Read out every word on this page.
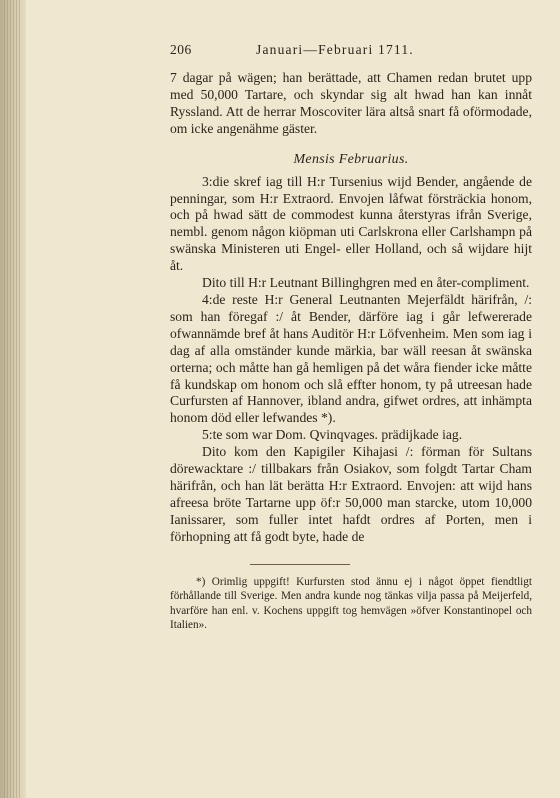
206	Januari—Februari 1711.

7 dagar på wägen; han berättade, att Chamen redan brutet upp med 50,000 Tartare, och skyndar sig alt hwad han kan innåt Ryssland. Att de herrar Moscoviter lära altså snart få oförmodade, om icke angenähme gäster.

Mensis Februarius.

3:die skref iag till H:r Tursenius wijd Bender, angående de penningar, som H:r Extraord. Envojen låfwat försträckia honom, och på hwad sätt de commodest kunna återstyras ifrån Sverige, nembl. genom någon kiöpman uti Carlskrona eller Carlshampn på swänska Ministeren uti Engel- eller Holland, och så wijdare hijt åt.

Dito till H:r Leutnant Billinghgren med en åter-compliment.

4:de reste H:r General Leutnanten Mejerfäldt härifrån, /: som han föregaf :/ åt Bender, därföre iag i går lefwererade ofwannämde bref åt hans Auditör H:r Löfvenheim. Men som iag i dag af alla omständer kunde märkia, bar wäll reesan åt swänska orterna; och måtte han gå hemligen på det wåra fiender icke måtte få kundskap om honom och slå effter honom, ty på utreesan hade Curfursten af Hannover, ibland andra, gifwet ordres, att inhämpta honom död eller lefwandes *).

5:te som war Dom. Qvinqvages. prädijkade iag.

Dito kom den Kapigiler Kihajasi /: förman för Sultans dörewacktare :/ tillbakars från Osiakov, som folgdt Tartar Cham härifrån, och han lät berätta H:r Extraord. Envojen: att wijd hans afreesa bröte Tartarne upp öf:r 50,000 man starcke, utom 10,000 Ianissarer, som fuller intet hafdt ordres af Porten, men i förhopning att få godt byte, hade de

*) Orimlig uppgift! Kurfursten stod ännu ej i något öppet fiendtligt förhållande till Sverige. Men andra kunde nog tänkas vilja passa på Meijerfeld, hvarföre han enl. v. Kochens uppgift tog hemvägen »öfver Konstantinopel och Italien».
